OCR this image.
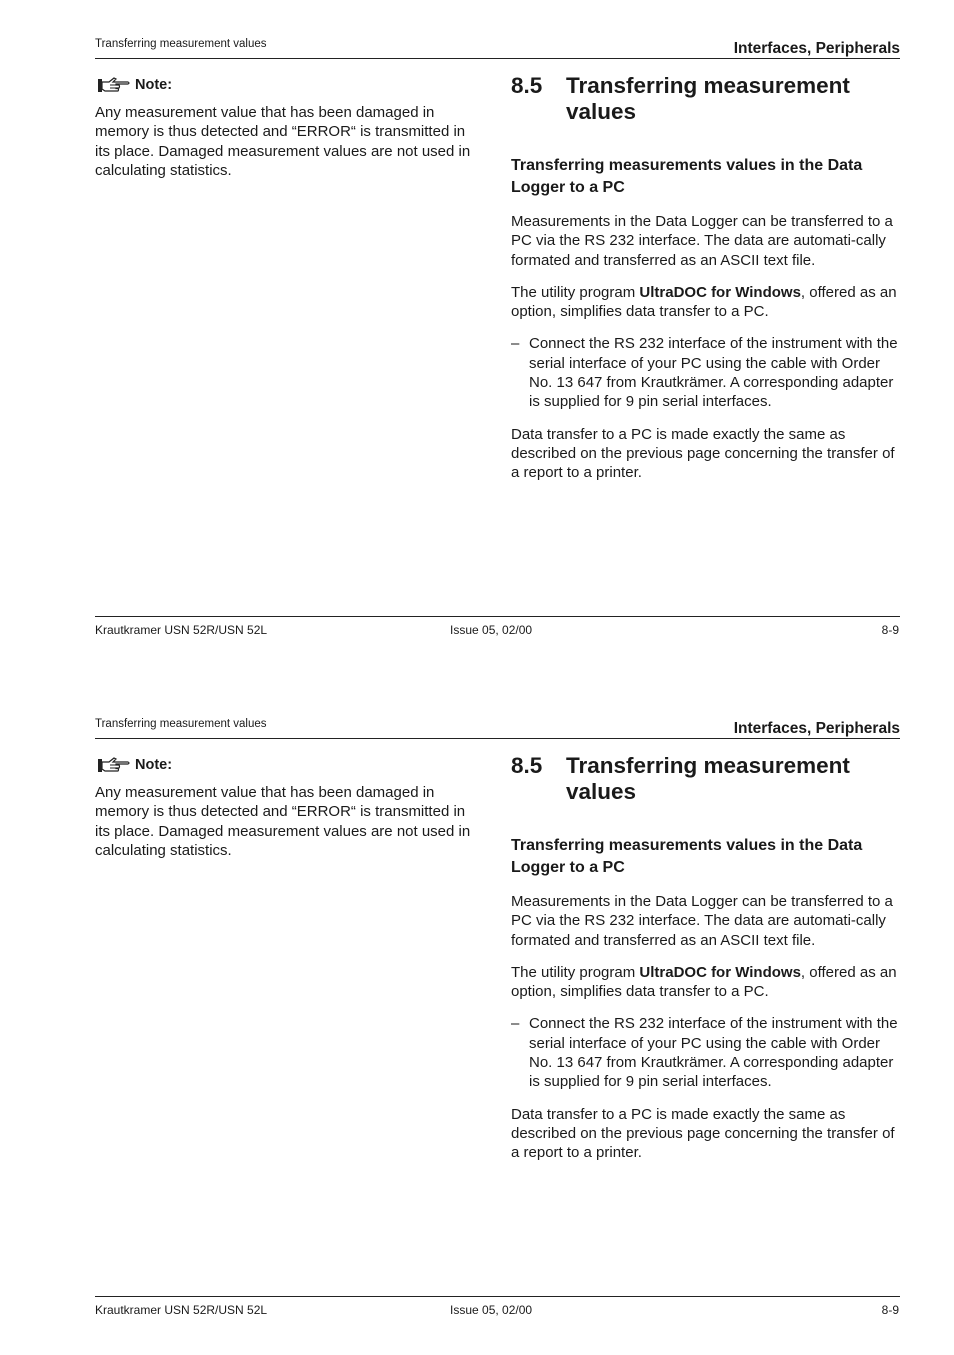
Transferring measurement values	Interfaces, Peripherals
Note:
Any measurement value that has been damaged in memory is thus detected and “ERROR“ is transmitted in its place. Damaged measurement values are not used in calculating statistics.
8.5	Transferring measurement values
Transferring measurements values in the Data Logger to a PC
Measurements in the Data Logger can be transferred to a PC via the RS 232 interface. The data are automati-cally formated and transferred as an ASCII text file.
The utility program UltraDOC for Windows, offered as an option, simplifies data transfer to a PC.
– Connect the RS 232 interface of the instrument with the serial interface of your PC using the cable with Order No. 13 647 from Krautkrämer. A corresponding adapter is supplied for 9 pin serial interfaces.
Data transfer to a PC is made exactly the same as described on the previous page concerning the transfer of a report to a printer.
Krautkramer USN 52R/USN 52L	Issue 05, 02/00	8-9
Transferring measurement values	Interfaces, Peripherals
Note:
Any measurement value that has been damaged in memory is thus detected and “ERROR“ is transmitted in its place. Damaged measurement values are not used in calculating statistics.
8.5	Transferring measurement values
Transferring measurements values in the Data Logger to a PC
Measurements in the Data Logger can be transferred to a PC via the RS 232 interface. The data are automati-cally formated and transferred as an ASCII text file.
The utility program UltraDOC for Windows, offered as an option, simplifies data transfer to a PC.
– Connect the RS 232 interface of the instrument with the serial interface of your PC using the cable with Order No. 13 647 from Krautkrämer. A corresponding adapter is supplied for 9 pin serial interfaces.
Data transfer to a PC is made exactly the same as described on the previous page concerning the transfer of a report to a printer.
Krautkramer USN 52R/USN 52L	Issue 05, 02/00	8-9
